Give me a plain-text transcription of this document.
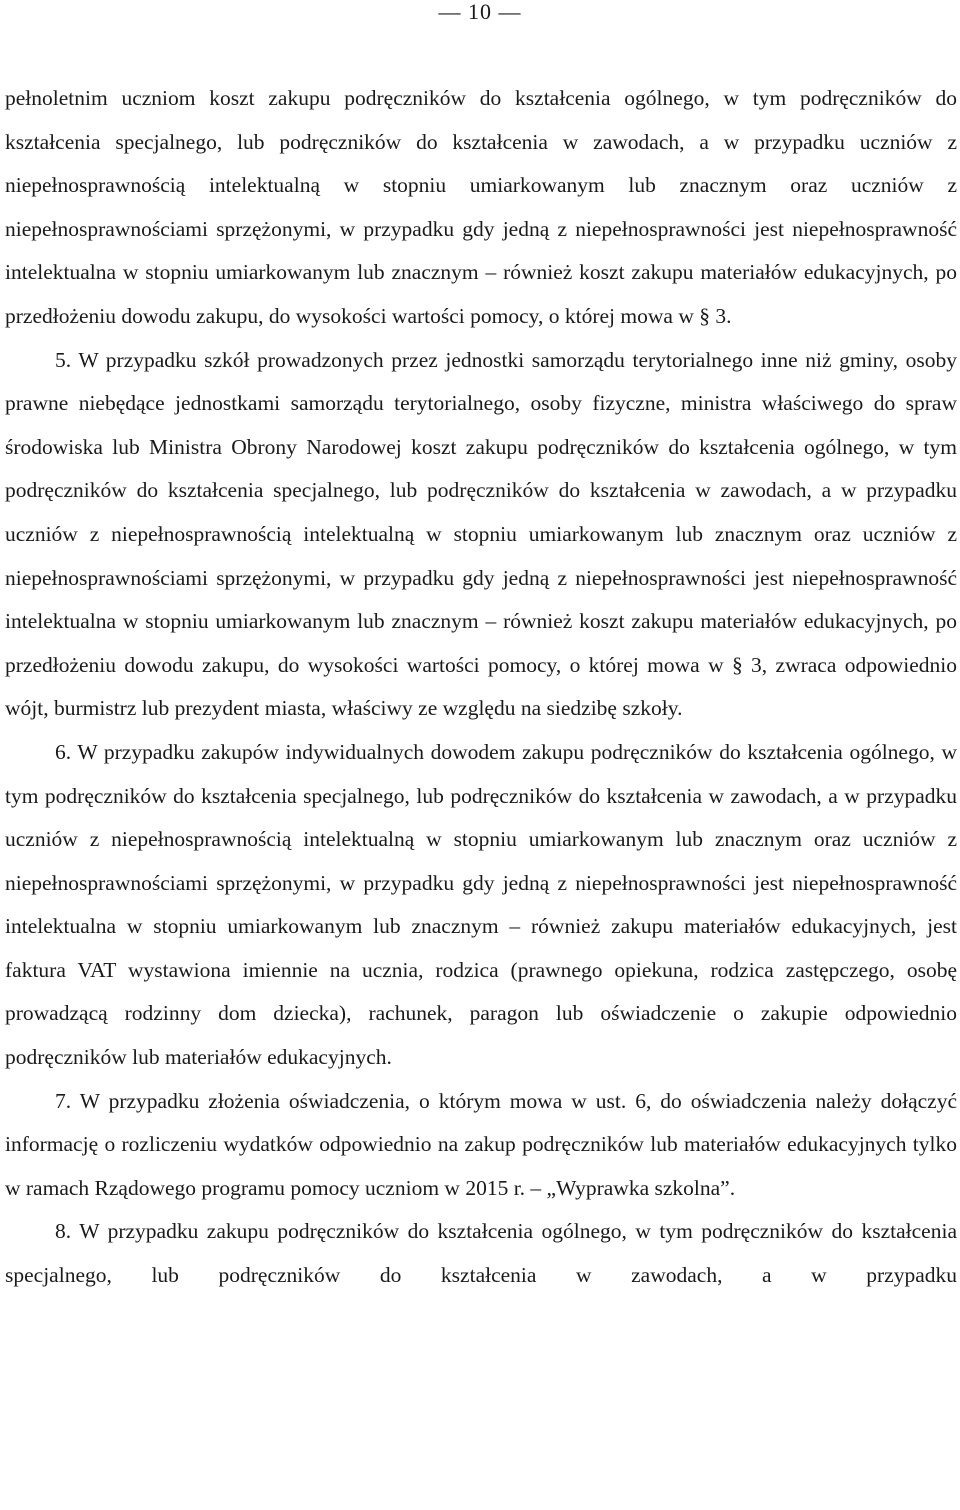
— 10 —

pełnoletnim uczniom koszt zakupu podręczników do kształcenia ogólnego, w tym podręczników do kształcenia specjalnego, lub podręczników do kształcenia w zawodach, a w przypadku uczniów z niepełnosprawnością intelektualną w stopniu umiarkowanym lub znacznym oraz uczniów z niepełnosprawnościami sprzężonymi, w przypadku gdy jedną z niepełnosprawności jest niepełnosprawność intelektualna w stopniu umiarkowanym lub znacznym – również koszt zakupu materiałów edukacyjnych, po przedłożeniu dowodu zakupu, do wysokości wartości pomocy, o której mowa w § 3.

5. W przypadku szkół prowadzonych przez jednostki samorządu terytorialnego inne niż gminy, osoby prawne niebędące jednostkami samorządu terytorialnego, osoby fizyczne, ministra właściwego do spraw środowiska lub Ministra Obrony Narodowej koszt zakupu podręczników do kształcenia ogólnego, w tym podręczników do kształcenia specjalnego, lub podręczników do kształcenia w zawodach, a w przypadku uczniów z niepełnosprawnością intelektualną w stopniu umiarkowanym lub znacznym oraz uczniów z niepełnosprawnościami sprzężonymi, w przypadku gdy jedną z niepełnosprawności jest niepełnosprawność intelektualna w stopniu umiarkowanym lub znacznym – również koszt zakupu materiałów edukacyjnych, po przedłożeniu dowodu zakupu, do wysokości wartości pomocy, o której mowa w § 3, zwraca odpowiednio wójt, burmistrz lub prezydent miasta, właściwy ze względu na siedzibę szkoły.

6. W przypadku zakupów indywidualnych dowodem zakupu podręczników do kształcenia ogólnego, w tym podręczników do kształcenia specjalnego, lub podręczników do kształcenia w zawodach, a w przypadku uczniów z niepełnosprawnością intelektualną w stopniu umiarkowanym lub znacznym oraz uczniów z niepełnosprawnościami sprzężonymi, w przypadku gdy jedną z niepełnosprawności jest niepełnosprawność intelektualna w stopniu umiarkowanym lub znacznym – również zakupu materiałów edukacyjnych, jest faktura VAT wystawiona imiennie na ucznia, rodzica (prawnego opiekuna, rodzica zastępczego, osobę prowadzącą rodzinny dom dziecka), rachunek, paragon lub oświadczenie o zakupie odpowiednio podręczników lub materiałów edukacyjnych.

7. W przypadku złożenia oświadczenia, o którym mowa w ust. 6, do oświadczenia należy dołączyć informację o rozliczeniu wydatków odpowiednio na zakup podręczników lub materiałów edukacyjnych tylko w ramach Rządowego programu pomocy uczniom w 2015 r. – „Wyprawka szkolna”.

8. W przypadku zakupu podręczników do kształcenia ogólnego, w tym podręczników do kształcenia specjalnego, lub podręczników do kształcenia w zawodach, a w przypadku
